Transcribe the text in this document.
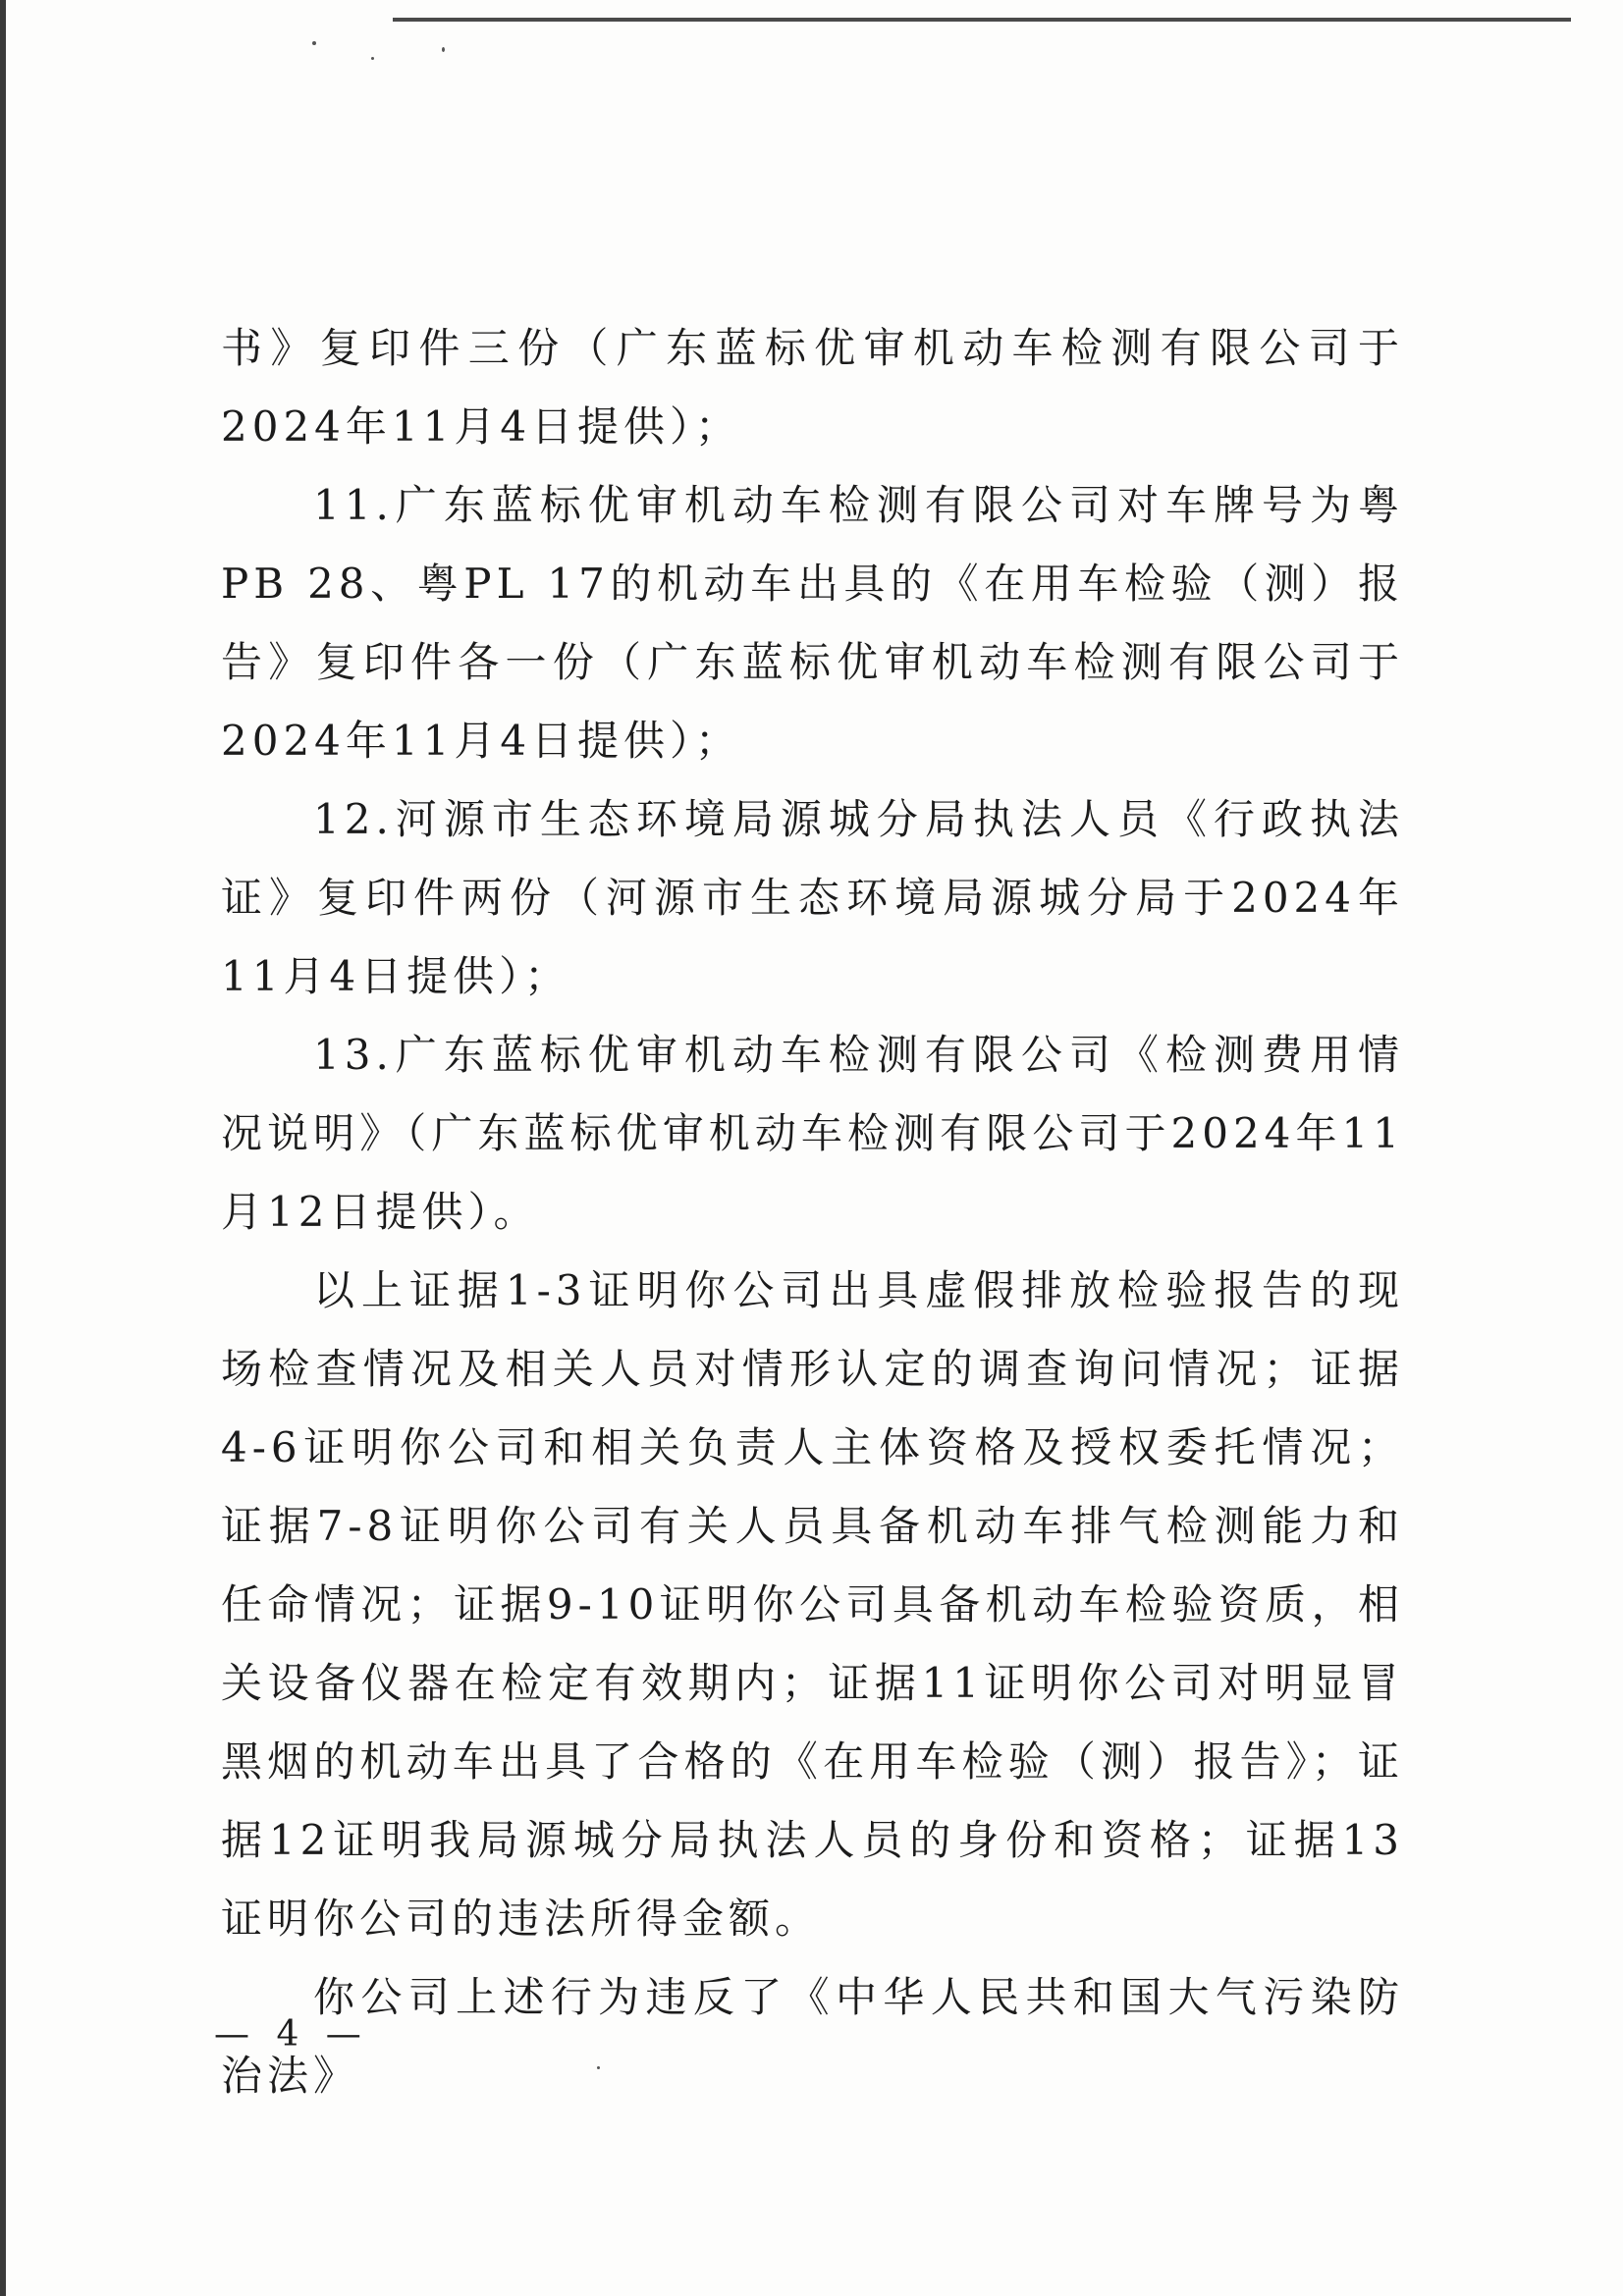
书》复印件三份（广东蓝标优审机动车检测有限公司于2024年11月4日提供）；

11.广东蓝标优审机动车检测有限公司对车牌号为粤PB 28、粤PL 17的机动车出具的《在用车检验（测）报告》复印件各一份（广东蓝标优审机动车检测有限公司于2024年11月4日提供）；

12.河源市生态环境局源城分局执法人员《行政执法证》复印件两份（河源市生态环境局源城分局于2024年11月4日提供）；

13.广东蓝标优审机动车检测有限公司《检测费用情况说明》（广东蓝标优审机动车检测有限公司于2024年11月12日提供）。

以上证据1-3证明你公司出具虚假排放检验报告的现场检查情况及相关人员对情形认定的调查询问情况；证据4-6证明你公司和相关负责人主体资格及授权委托情况；证据7-8证明你公司有关人员具备机动车排气检测能力和任命情况；证据9-10证明你公司具备机动车检验资质，相关设备仪器在检定有效期内；证据11证明你公司对明显冒黑烟的机动车出具了合格的《在用车检验（测）报告》；证据12证明我局源城分局执法人员的身份和资格；证据13证明你公司的违法所得金额。

你公司上述行为违反了《中华人民共和国大气污染防治法》

— 4 —
